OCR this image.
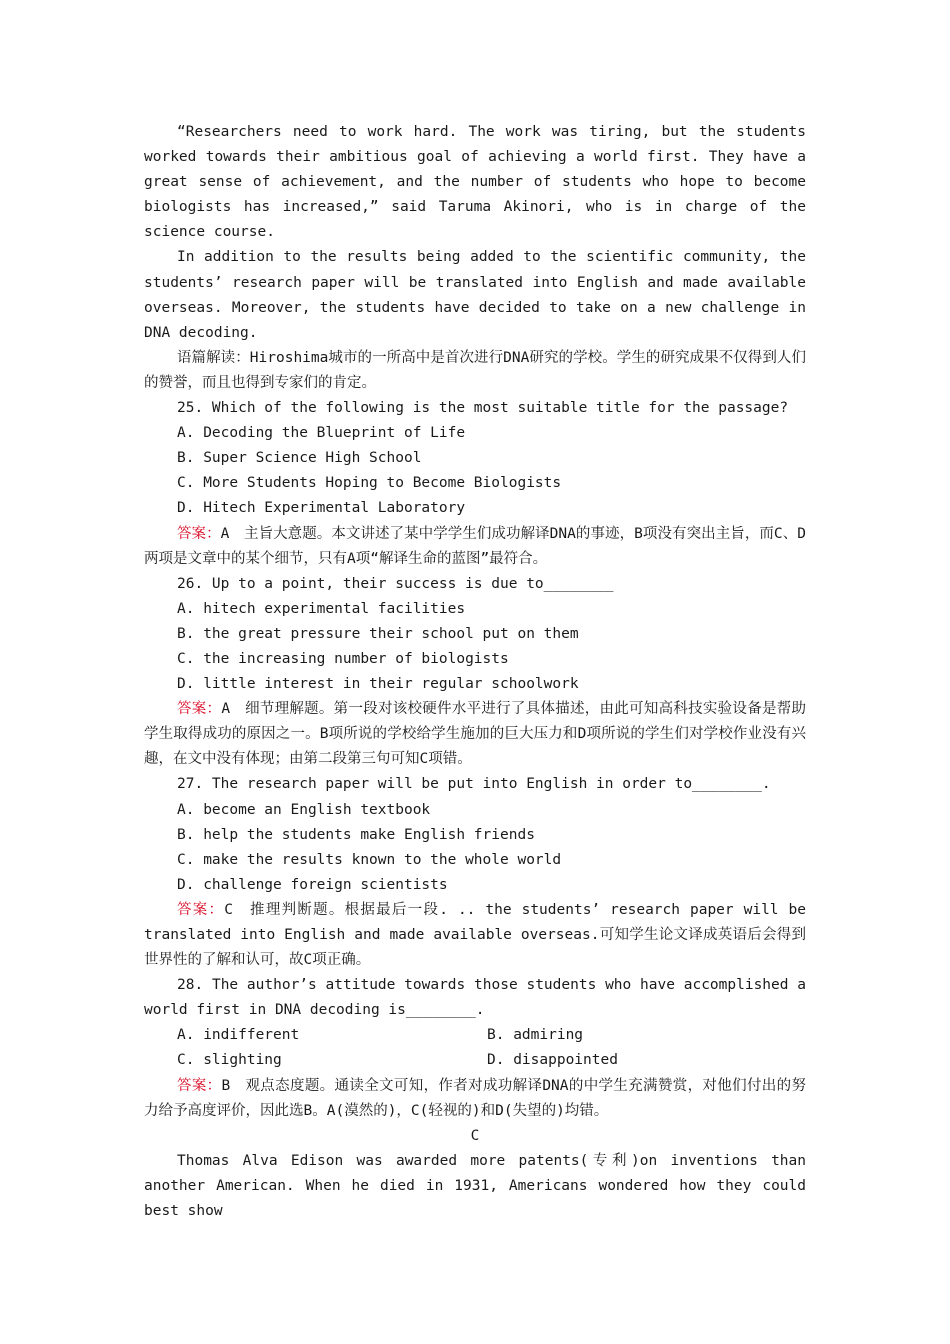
“Researchers need to work hard. The work was tiring, but the students worked towards their ambitious goal of achieving a world first. They have a great sense of achievement, and the number of students who hope to become biologists has increased,” said Taruma Akinori, who is in charge of the science course.

In addition to the results being added to the scientific community, the students’ research paper will be translated into English and made available overseas. Moreover, the students have decided to take on a new challenge in DNA decoding.

语篇解读：Hiroshima城市的一所高中是首次进行DNA研究的学校。学生的研究成果不仅得到人们的赞誉，而且也得到专家们的肯定。

25. Which of the following is the most suitable title for the passage?

A. Decoding the Blueprint of Life

B. Super Science High School

C. More Students Hoping to Become Biologists

D. Hitech Experimental Laboratory

答案：A　主旨大意题。本文讲述了某中学学生们成功解译DNA的事迹，B项没有突出主旨，而C、D两项是文章中的某个细节，只有A项“解译生命的蓝图”最符合。

26. Up to a point, their success is due to________

A. hitech experimental facilities

B. the great pressure their school put on them

C. the increasing number of biologists

D. little interest in their regular schoolwork

答案：A　细节理解题。第一段对该校硬件水平进行了具体描述，由此可知高科技实验设备是帮助学生取得成功的原因之一。B项所说的学校给学生施加的巨大压力和D项所说的学生们对学校作业没有兴趣，在文中没有体现；由第二段第三句可知C项错。

27. The research paper will be put into English in order to________.

A. become an English textbook

B. help the students make English friends

C. make the results known to the whole world

D. challenge foreign scientists

答案：C　推理判断题。根据最后一段. .. the students’ research paper will be translated into English and made available overseas.可知学生论文译成英语后会得到世界性的了解和认可，故C项正确。

28. The author’s attitude towards those students who have accomplished a world first in DNA decoding is________.

A. indifferent	B. admiring
C. slighting	D. disappointed

答案：B　观点态度题。通读全文可知，作者对成功解译DNA的中学生充满赞赏，对他们付出的努力给予高度评价，因此选B。A(漠然的)，C(轻视的)和D(失望的)均错。

C

Thomas Alva Edison was awarded more patents(专利)on inventions than another American. When he died in 1931, Americans wondered how they could best show
